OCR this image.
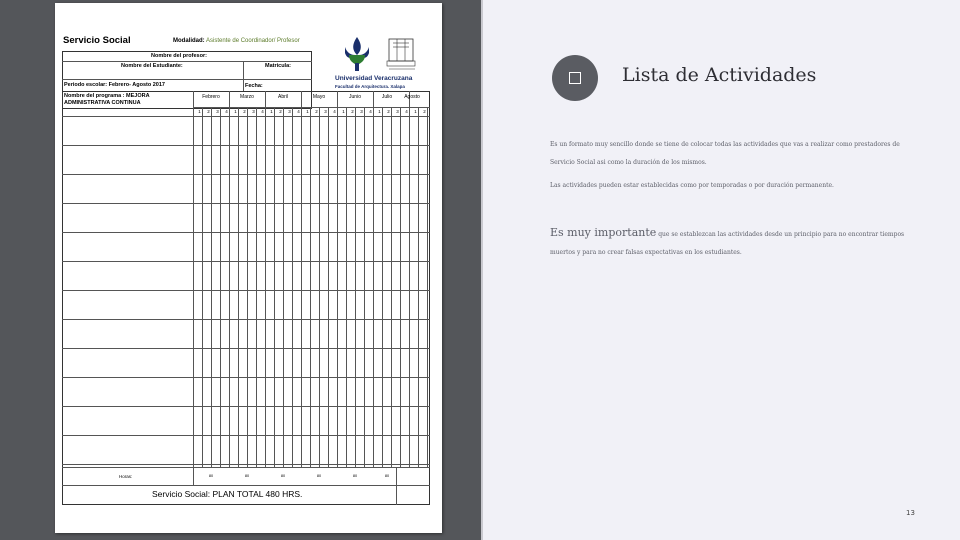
Servicio Social	Modalidad: Asistente de Coordinador/ Profesor
Universidad Veracruzana
Facultad de Arquitectura. Xalapa
Nombre del profesor:
Nombre del Estudiante:	Matricula:
Periodo escolar: Febrero- Agosto 2017	Fecha:
Nombre del programa : MEJORA ADMINISTRATIVA CONTINUA
Febrero	Marzo	Abril	Mayo	Junio	Julio	Agosto
1	2	3	4	1	2	3	4	1	2	3	4	1	2	3	4	1	2	3	4	1	2	3	4	1	2
Horas:	80	80	80	80	80	80
Servicio Social: PLAN TOTAL 480 HRS.
Lista de Actividades
Es un formato muy sencillo donde se tiene de colocar todas las actividades que vas a realizar como prestadores de Servicio Social asi como la duración de los mismos.
Las actividades pueden estar establecidas como por temporadas o por duración permanente.
Es muy importante que se establezcan las actividades desde un principio para no encontrar tiempos muertos y para no crear falsas expectativas en los estudiantes.
13
